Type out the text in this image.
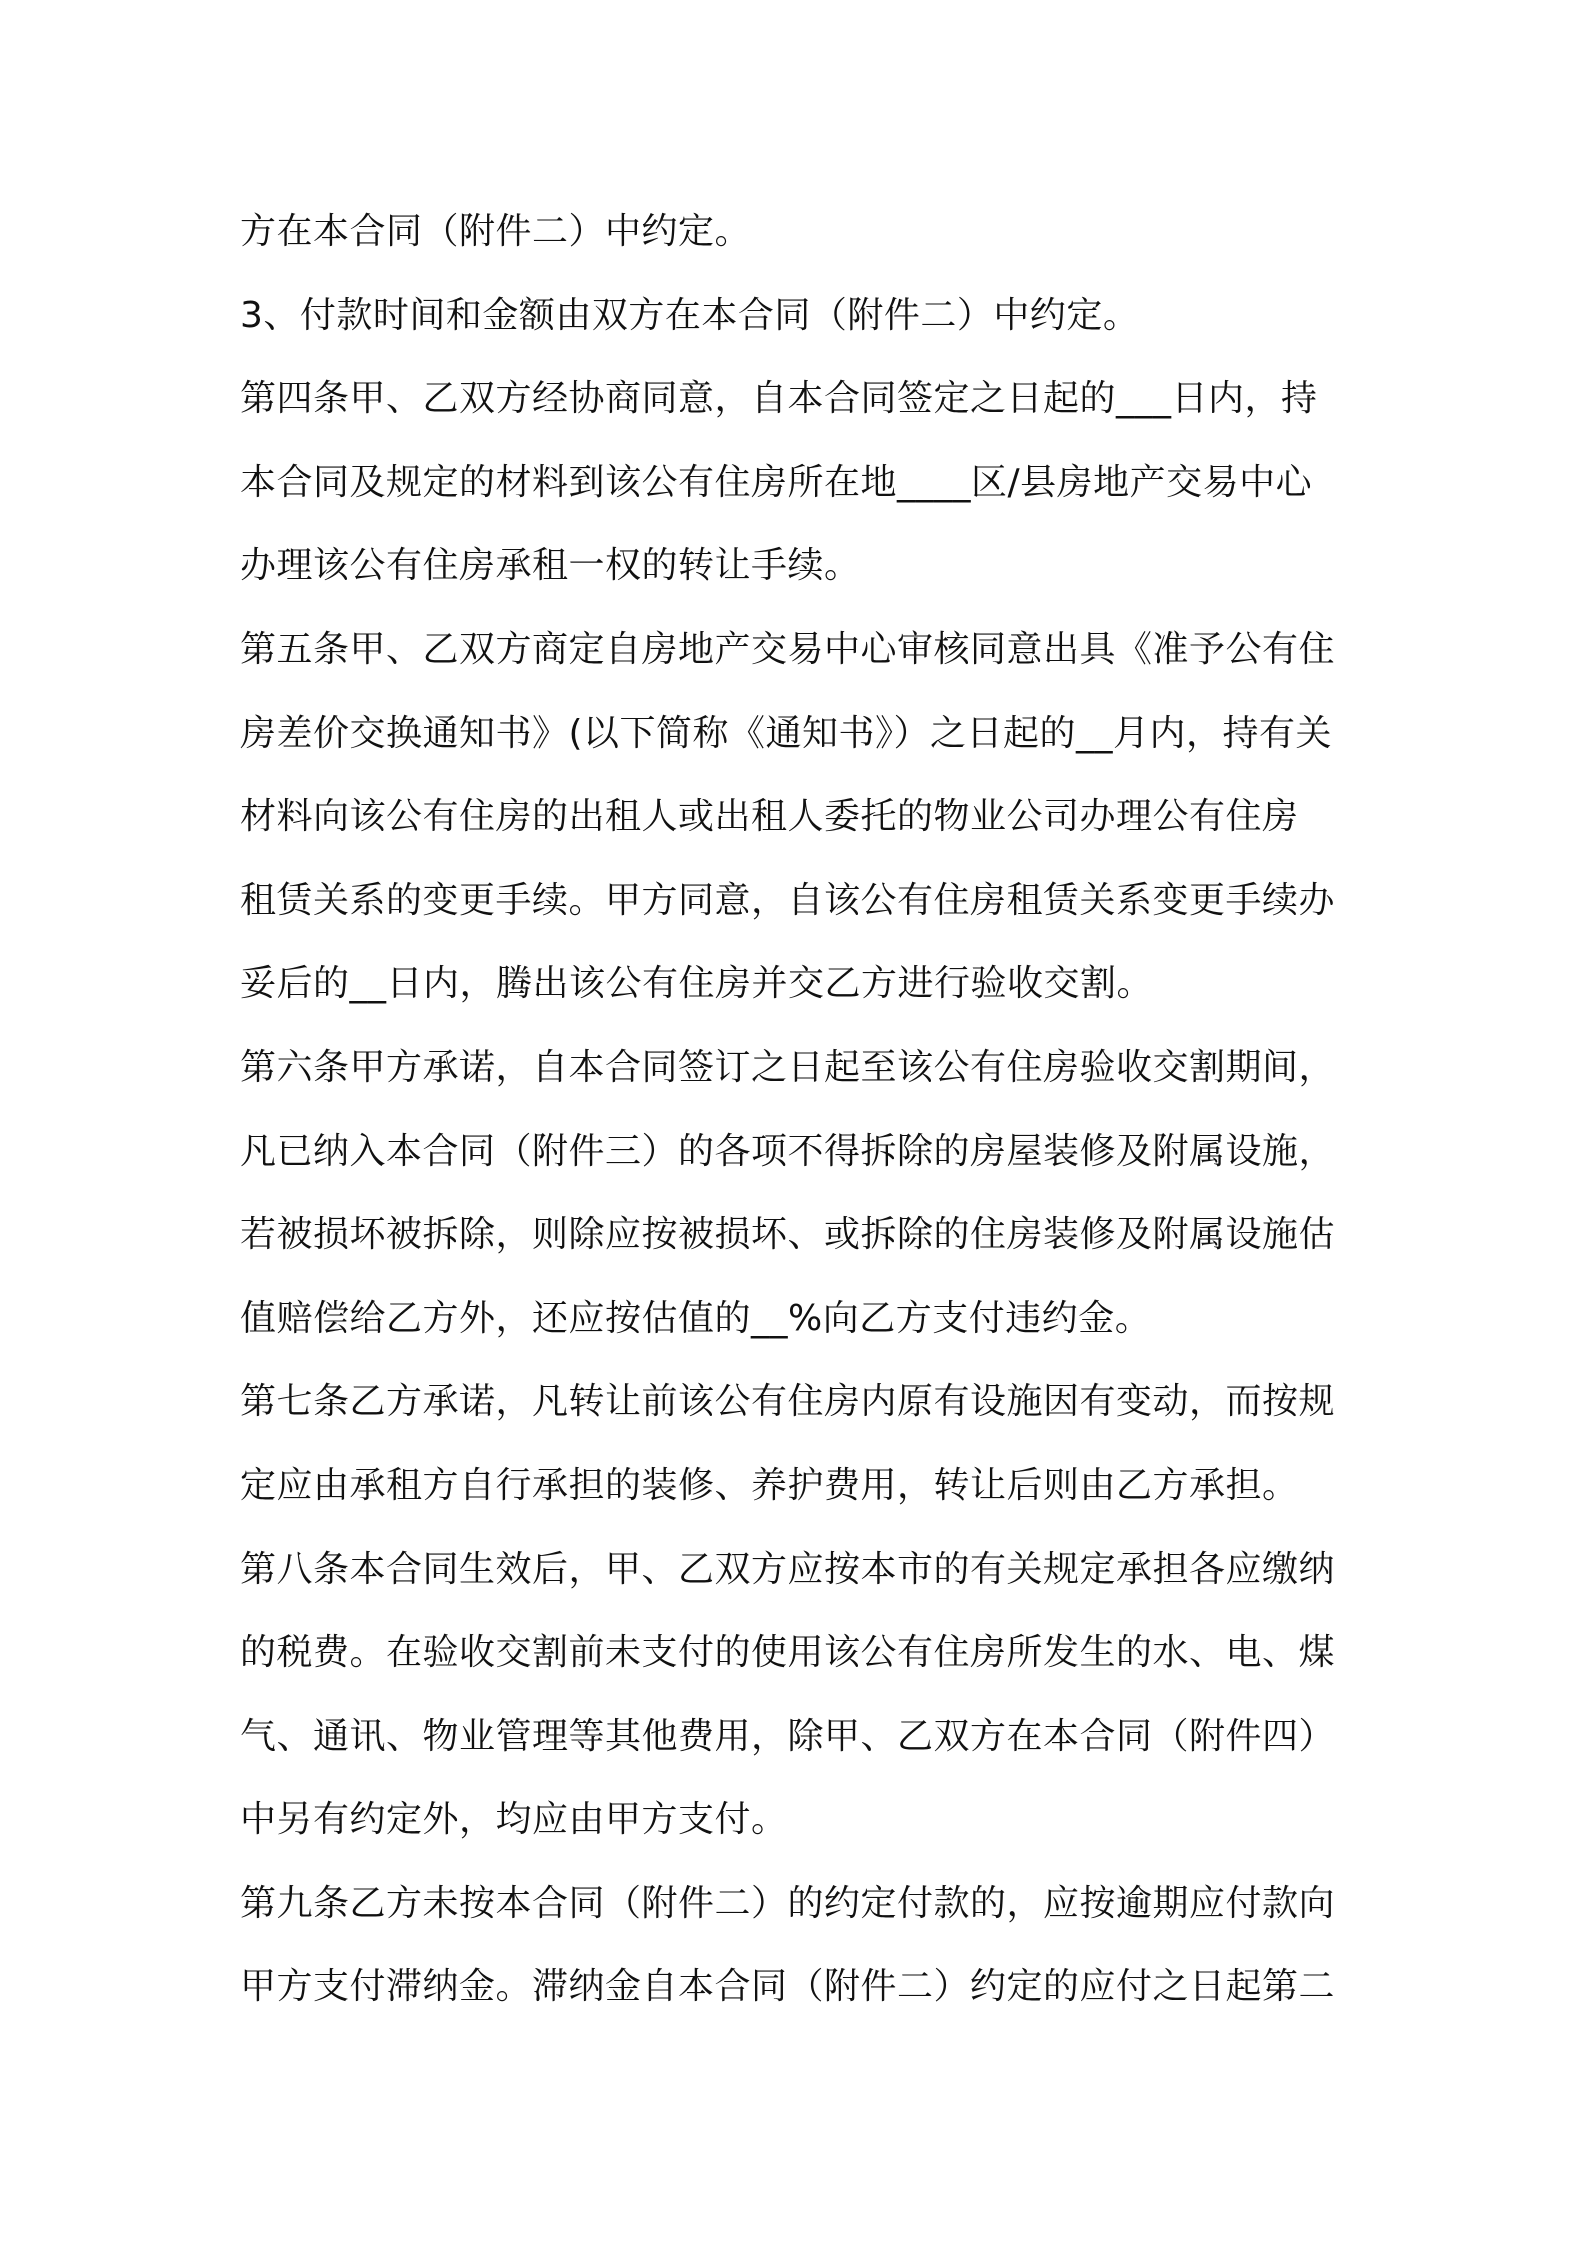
方在本合同（附件二）中约定。
3、付款时间和金额由双方在本合同（附件二）中约定。
第四条甲、乙双方经协商同意，自本合同签定之日起的___日内，持
本合同及规定的材料到该公有住房所在地____区/县房地产交易中心
办理该公有住房承租一权的转让手续。
第五条甲、乙双方商定自房地产交易中心审核同意出具《准予公有住
房差价交换通知书》(以下简称《通知书》）之日起的__月内，持有关
材料向该公有住房的出租人或出租人委托的物业公司办理公有住房
租赁关系的变更手续。甲方同意，自该公有住房租赁关系变更手续办
妥后的__日内，腾出该公有住房并交乙方进行验收交割。
第六条甲方承诺，自本合同签订之日起至该公有住房验收交割期间，
凡已纳入本合同（附件三）的各项不得拆除的房屋装修及附属设施，
若被损坏被拆除，则除应按被损坏、或拆除的住房装修及附属设施估
值赔偿给乙方外，还应按估值的__%向乙方支付违约金。
第七条乙方承诺，凡转让前该公有住房内原有设施因有变动，而按规
定应由承租方自行承担的装修、养护费用，转让后则由乙方承担。
第八条本合同生效后，甲、乙双方应按本市的有关规定承担各应缴纳
的税费。在验收交割前未支付的使用该公有住房所发生的水、电、煤
气、通讯、物业管理等其他费用，除甲、乙双方在本合同（附件四）
中另有约定外，均应由甲方支付。
第九条乙方未按本合同（附件二）的约定付款的，应按逾期应付款向
甲方支付滞纳金。滞纳金自本合同（附件二）约定的应付之日起第二
